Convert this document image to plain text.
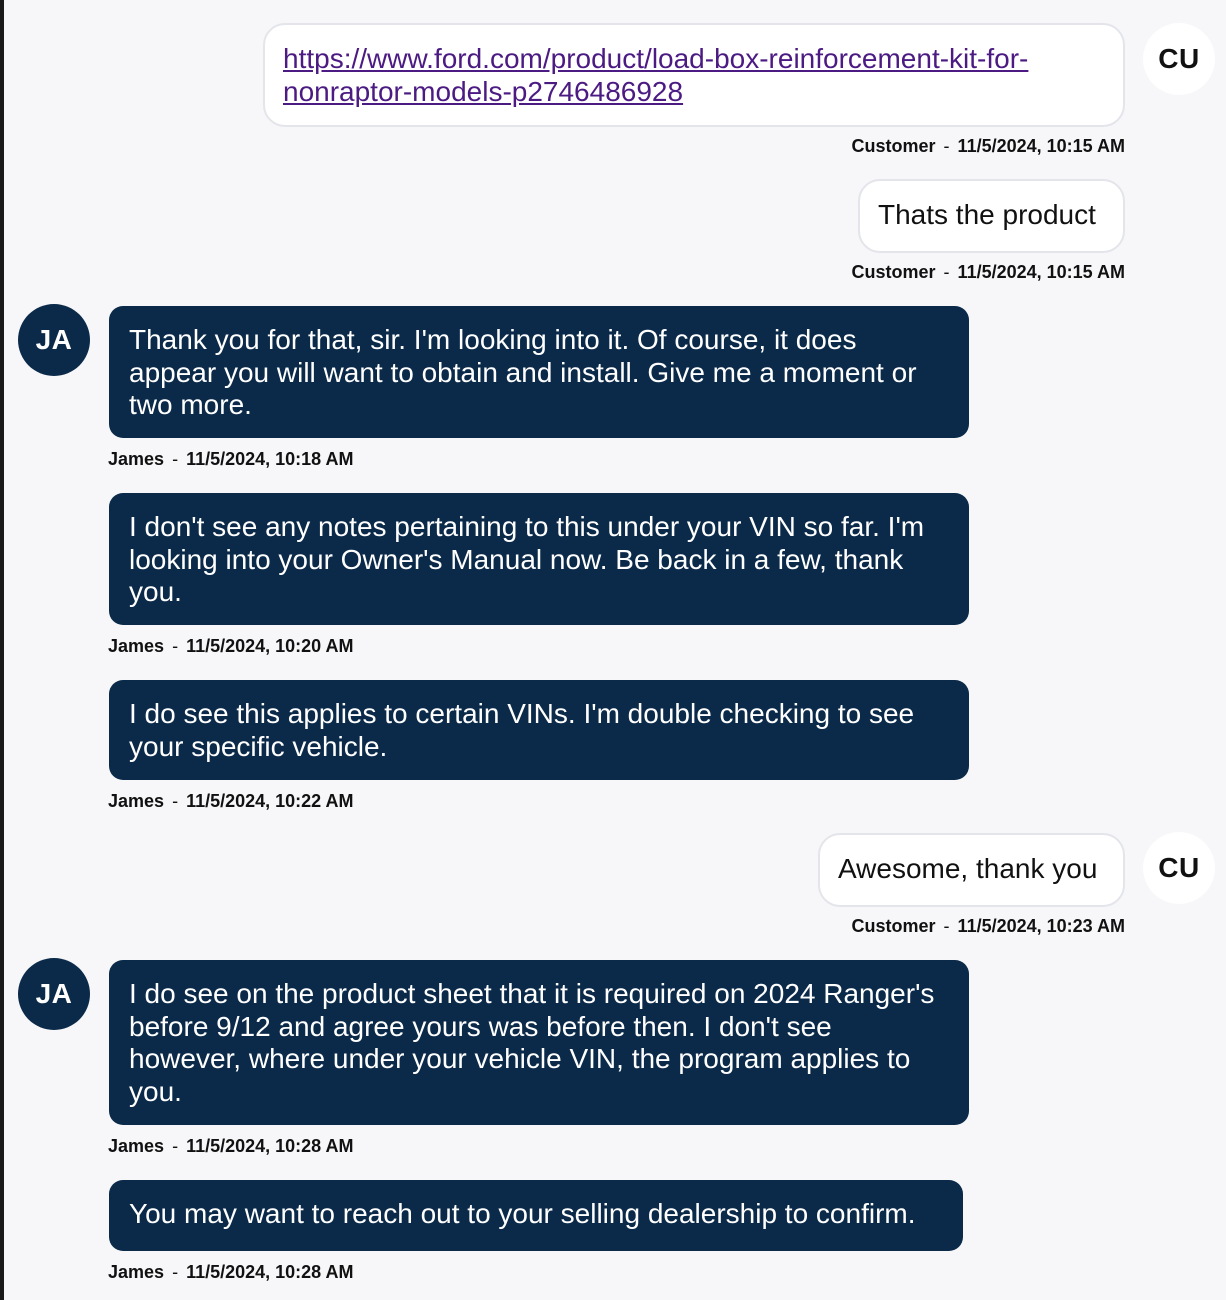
https://www.ford.com/product/load-box-reinforcement-kit-for-
nonraptor-models-p2746486928
CU
Customer - 11/5/2024, 10:15 AM
Thats the product
Customer - 11/5/2024, 10:15 AM
JA	Thank you for that, sir. I'm looking into it. Of course, it does appear you will want to obtain and install. Give me a moment or two more.
James - 11/5/2024, 10:18 AM
I don't see any notes pertaining to this under your VIN so far. I'm looking into your Owner's Manual now. Be back in a few, thank you.
James - 11/5/2024, 10:20 AM
I do see this applies to certain VINs. I'm double checking to see your specific vehicle.
James - 11/5/2024, 10:22 AM
Awesome, thank you	CU
Customer - 11/5/2024, 10:23 AM
JA	I do see on the product sheet that it is required on 2024 Ranger's before 9/12 and agree yours was before then. I don't see however, where under your vehicle VIN, the program applies to you.
James - 11/5/2024, 10:28 AM
You may want to reach out to your selling dealership to confirm.
James - 11/5/2024, 10:28 AM
